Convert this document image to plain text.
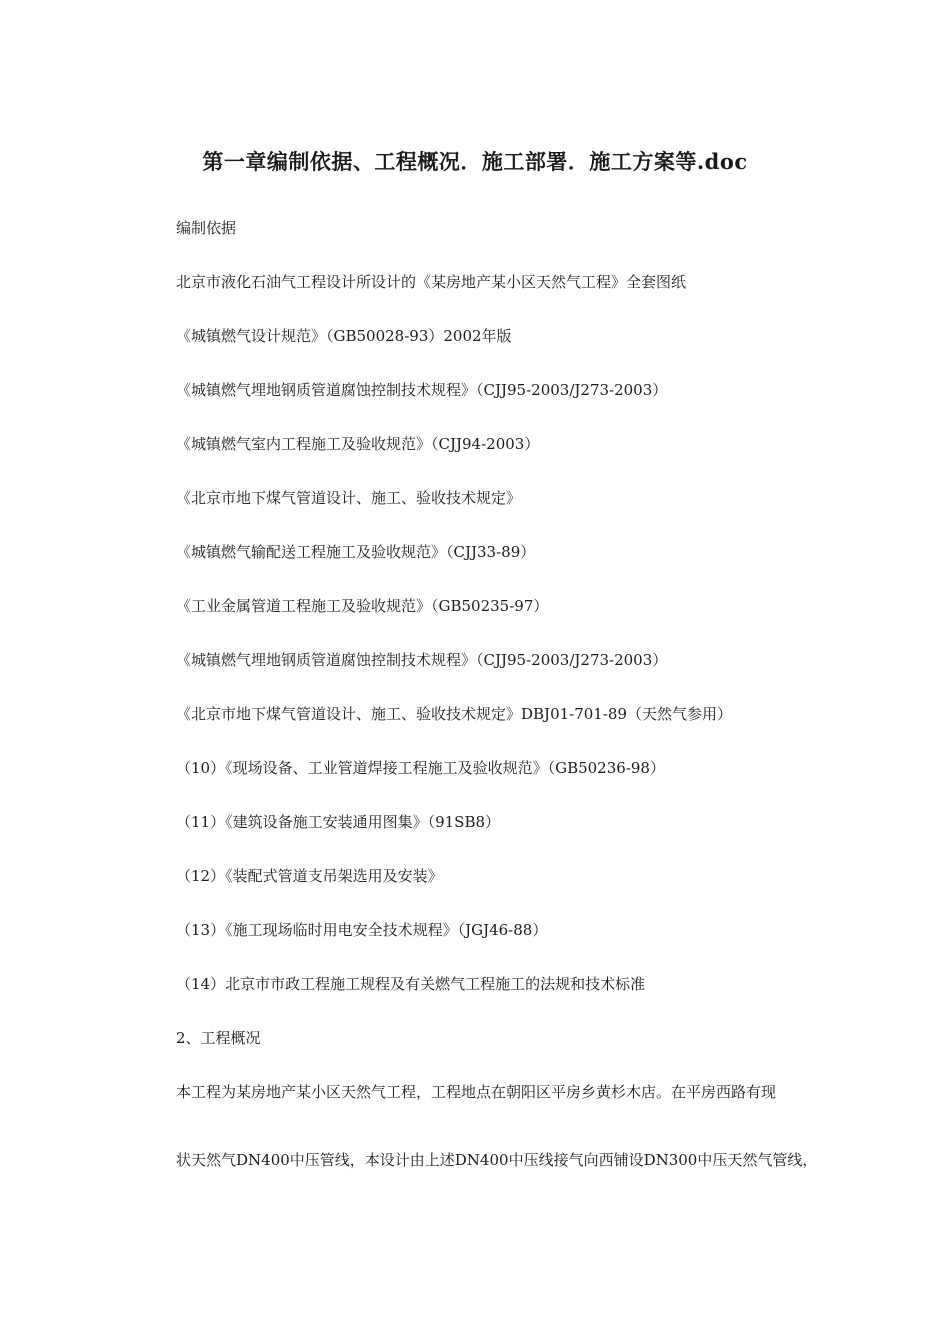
第一章编制依据、工程概况．施工部署．施工方案等.doc

编制依据

北京市液化石油气工程设计所设计的《某房地产某小区天然气工程》全套图纸

《城镇燃气设计规范》（GB50028-93）2002年版

《城镇燃气埋地钢质管道腐蚀控制技术规程》（CJJ95-2003/J273-2003）

《城镇燃气室内工程施工及验收规范》（CJJ94-2003）

《北京市地下煤气管道设计、施工、验收技术规定》

《城镇燃气输配送工程施工及验收规范》（CJJ33-89）

《工业金属管道工程施工及验收规范》（GB50235-97）

《城镇燃气埋地钢质管道腐蚀控制技术规程》（CJJ95-2003/J273-2003）

《北京市地下煤气管道设计、施工、验收技术规定》DBJ01-701-89（天然气参用）

（10）《现场设备、工业管道焊接工程施工及验收规范》（GB50236-98）

（11）《建筑设备施工安装通用图集》（91SB8）

（12）《装配式管道支吊架选用及安装》

（13）《施工现场临时用电安全技术规程》（JGJ46-88）

（14）北京市市政工程施工规程及有关燃气工程施工的法规和技术标准

2、工程概况

本工程为某房地产某小区天然气工程，工程地点在朝阳区平房乡黄杉木店。在平房西路有现

状天然气DN400中压管线，本设计由上述DN400中压线接气向西铺设DN300中压天然气管线，
